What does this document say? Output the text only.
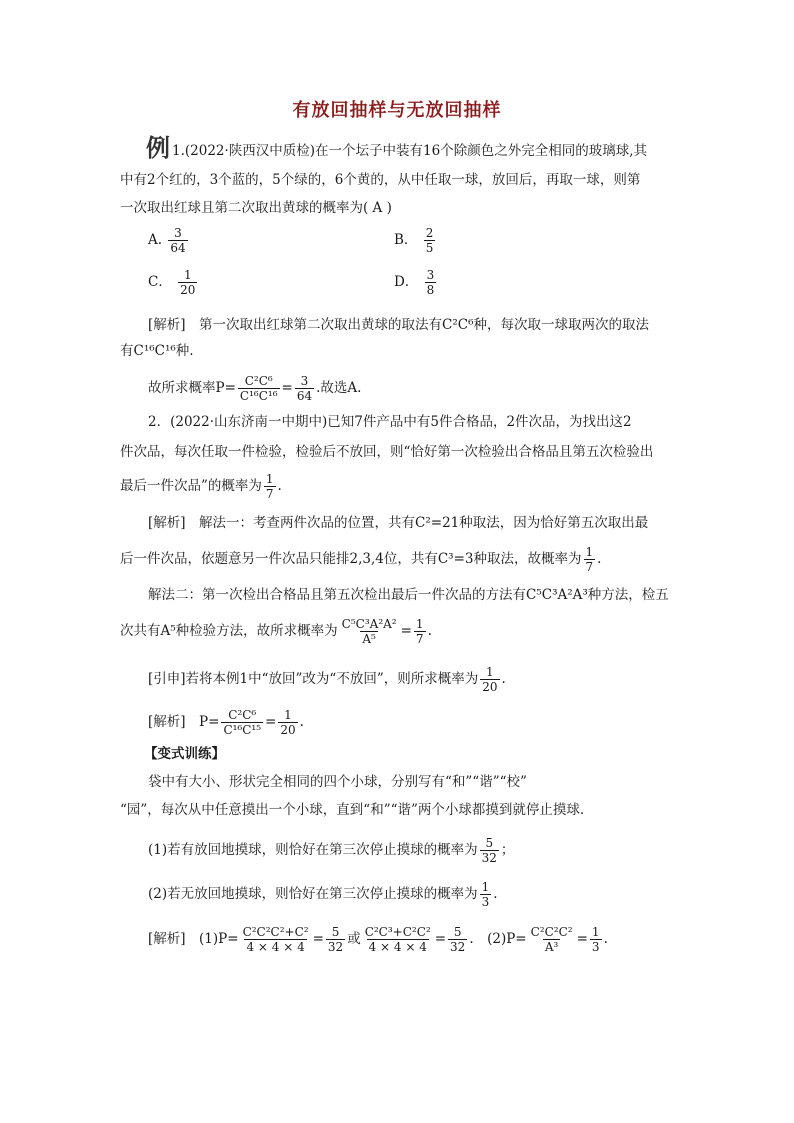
有放回抽样与无放回抽样
例 1.(2022·陕西汉中质检)在一个坛子中装有16个除颜色之外完全相同的玻璃球,其
中有2个红的，3个蓝的，5个绿的，6个黄的，从中任取一球，放回后，再取一球，则第
一次取出红球且第二次取出黄球的概率为( A )
A. $\frac{3}{64}$	B． $\frac{2}{5}$
C． $\frac{1}{20}$	D． $\frac{3}{8}$
[解析]　第一次取出红球第二次取出黄球的取法有C²C⁶种，每次取一球取两次的取法
有C¹⁶C¹⁶种.
故所求概率$P= \frac{\text{C²C⁶}}{\text{C¹⁶C¹⁶}} = \frac{3}{64}$ .故选A.
2．(2022·山东济南一中期中)已知7件产品中有5件合格品，2件次品，为找出这2
件次品，每次任取一件检验，检验后不放回，则“恰好第一次检验出合格品且第五次检验出
最后一件次品”的概率为 $\frac{1}{7}$ .
[解析]　解法一：考查两件次品的位置，共有C²=21种取法，因为恰好第五次取出最
后一件次品，依题意另一件次品只能排2,3,4位，共有C³=3种取法，故概率为 $\frac{1}{7}$ .
解法二：第一次检出合格品且第五次检出最后一件次品的方法有C⁵C³A²A³种方法，检五
次共有A⁵种检验方法，故所求概率为 $\frac{\text{C⁵C³A²A²}}{\text{A⁵}} = \frac{1}{7}$ .
[引申]若将本例1中“放回”改为“不放回”，则所求概率为 $\frac{1}{20}$ .
[解析]　$P= \frac{\text{C²C⁶}}{\text{C¹⁶C¹⁵}} = \frac{1}{20}$ .
【变式训练】
袋中有大小、形状完全相同的四个小球，分别写有“和”“谐”“校”
“园”，每次从中任意摸出一个小球，直到“和”“谐”两个小球都摸到就停止摸球.
(1)若有放回地摸球，则恰好在第三次停止摸球的概率为 $\frac{5}{32}$ ；
(2)若无放回地摸球，则恰好在第三次停止摸球的概率为 $\frac{1}{3}$ .
[解析]　$(1)P= \frac{\text{C²C²C²+C²}}{4 \times 4 \times 4} = \frac{5}{32}$ 或 $\frac{\text{C²C³+C²C²}}{4 \times 4 \times 4} = \frac{5}{32}$ .　$(2)P= \frac{\text{C²C²C²}}{\text{A³}} = \frac{1}{3}$ .
